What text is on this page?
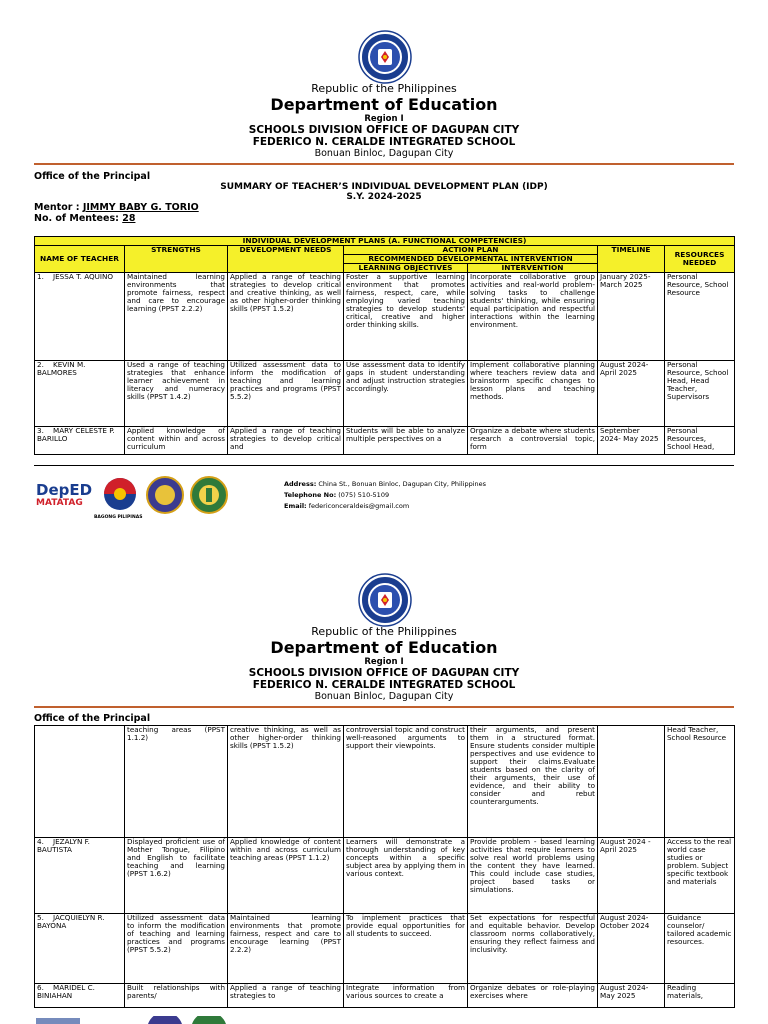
Republic of the Philippines
Department of Education
Region I
SCHOOLS DIVISION OFFICE OF DAGUPAN CITY
FEDERICO N. CERALDE INTEGRATED SCHOOL
Bonuan Binloc, Dagupan City
Office of the Principal
SUMMARY OF TEACHER’S INDIVIDUAL DEVELOPMENT PLAN (IDP)
S.Y. 2024-2025
Mentor : JIMMY BABY G. TORIO
No. of Mentees: 28
INDIVIDUAL DEVELOPMENT PLANS (A. FUNCTIONAL COMPETENCIES)						
NAME OF TEACHER	STRENGTHS	DEVELOPMENT NEEDS	ACTION PLAN		TIMELINE	RESOURCES NEEDED
			RECOMMENDED DEVELOPMENTAL INTERVENTION			
			LEARNING OBJECTIVES	INTERVENTION		
1. JESSA T. AQUINO	Maintained learning environments that promote fairness, respect and care to encourage learning (PPST 2.2.2)	Applied a range of teaching strategies to develop critical and creative thinking, as well as other higher-order thinking skills (PPST 1.5.2)	Foster a supportive learning environment that promotes fairness, respect, care, while employing varied teaching strategies to develop students' critical, creative and higher order thinking skills.	Incorporate collaborative group activities and real-world problem-solving tasks to challenge students' thinking, while ensuring equal participation and respectful interactions within the learning environment.	January 2025- March 2025	Personal Resource, School Resource
2. KEVIN M. BALMORES	Used a range of teaching strategies that enhance learner achievement in literacy and numeracy skills (PPST 1.4.2)	Utilized assessment data to inform the modification of teaching and learning practices and programs (PPST 5.5.2)	Use assessment data to identify gaps in student understanding and adjust instruction strategies accordingly.	Implement collaborative planning where teachers review data and brainstorm specific changes to lesson plans and teaching methods.	August 2024- April 2025	Personal Resource, School Head, Head Teacher, Supervisors
3. MARY CELESTE P. BARILLO	Applied knowledge of content within and across curriculum	Applied a range of teaching strategies to develop critical and	Students will be able to analyze multiple perspectives on a	Organize a debate where students research a controversial topic, form	September 2024- May 2025	Personal Resources, School Head,
DepED
MATATAG
BAGONG PILIPINAS
Address: China St., Bonuan Binloc, Dagupan City, Philippines
Telephone No: (075) 510-5109
Email: federiconceraldeis@gmail.com
Republic of the Philippines
Department of Education
Region I
SCHOOLS DIVISION OFFICE OF DAGUPAN CITY
FEDERICO N. CERALDE INTEGRATED SCHOOL
Bonuan Binloc, Dagupan City
Office of the Principal
	teaching areas (PPST 1.1.2)	creative thinking, as well as other higher-order thinking skills (PPST 1.5.2)	controversial topic and construct well-reasoned arguments to support their viewpoints.	their arguments, and present them in a structured format. Ensure students consider multiple perspectives and use evidence to support their claims.Evaluate students based on the clarity of their arguments, their use of evidence, and their ability to consider and rebut counterarguments.		Head Teacher, School Resource
4. JEZALYN F. BAUTISTA	Displayed proficient use of Mother Tongue, Filipino and English to facilitate teaching and learning (PPST 1.6.2)	Applied knowledge of content within and across curriculum teaching areas (PPST 1.1.2)	Learners will demonstrate a thorough understanding of key concepts within a specific subject area by applying them in various context.	Provide problem - based learning activities that require learners to solve real world problems using the content they have learned. This could include case studies, project based tasks or simulations.	August 2024 - April 2025	Access to the real world case studies or problem. Subject specific textbook and materials
5. JACQUIELYN R. BAYONA	Utilized assessment data to inform the modification of teaching and learning practices and programs (PPST 5.5.2)	Maintained learning environments that promote fairness, respect and care to encourage learning (PPST 2.2.2)	To implement practices that provide equal opportunities for all students to succeed.	Set expectations for respectful and equitable behavior. Develop classroom norms collaboratively, ensuring they reflect fairness and inclusivity.	August 2024- October 2024	Guidance counselor/ tailored academic resources.
6. MARIDEL C. BINIAHAN	Built relationships with parents/	Applied a range of teaching strategies to	Integrate information from various sources to create a	Organize debates or role-playing exercises where	August 2024- May 2025	Reading materials,
